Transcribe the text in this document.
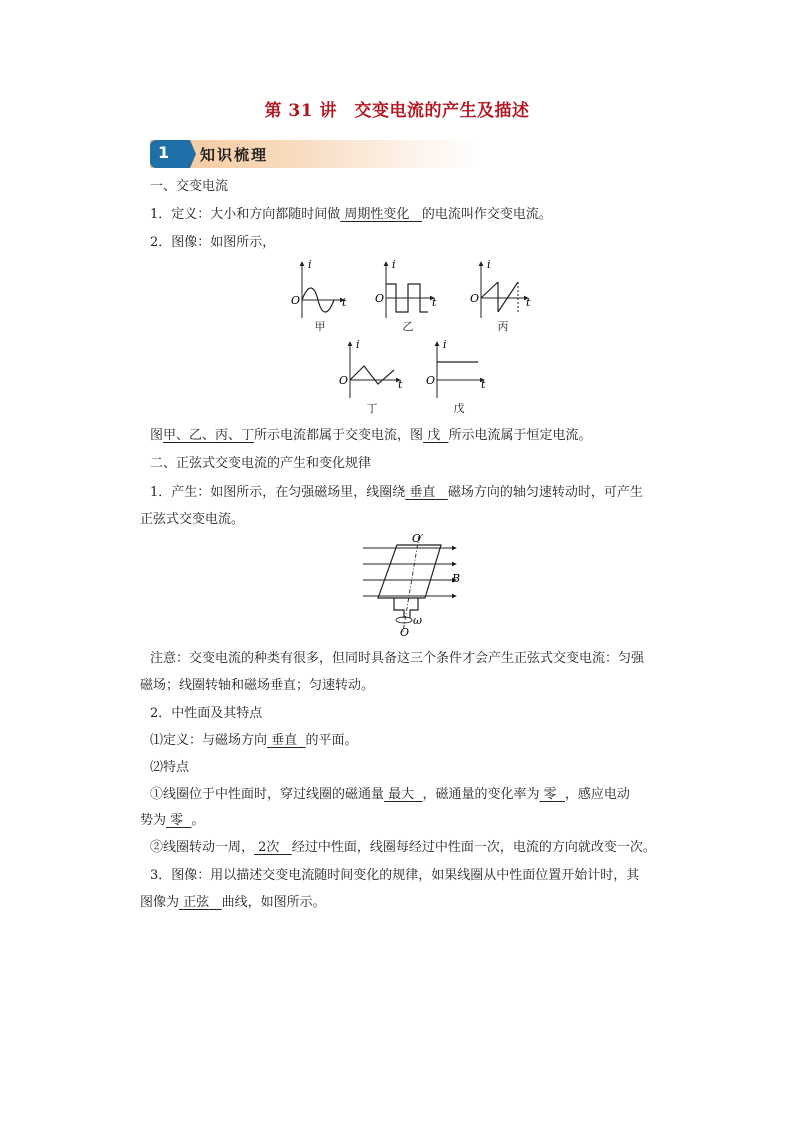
第 31 讲　交变电流的产生及描述
1 知识梳理
一、交变电流
1．定义：大小和方向都随时间做 周期性变化 的电流叫作交变电流。
2．图像：如图所示，
i
t
O
i
t
O
i
t
O
i
t
O
i
t
O
O′
O
B
ω
甲	乙	丙
丁	戊
图甲、乙、丙、丁所示电流都属于交变电流，图 戊 所示电流属于恒定电流。
二、正弦式交变电流的产生和变化规律
1．产生：如图所示，在匀强磁场里，线圈绕 垂直 磁场方向的轴匀速转动时，可产生
正弦式交变电流。
注意：交变电流的种类有很多，但同时具备这三个条件才会产生正弦式交变电流：匀强
磁场；线圈转轴和磁场垂直；匀速转动。
2．中性面及其特点
⑴定义：与磁场方向 垂直 的平面。
⑵特点
①线圈位于中性面时，穿过线圈的磁通量 最大 ，磁通量的变化率为 零 ，感应电动
势为 零 。
②线圈转动一周， 2次 经过中性面，线圈每经过中性面一次，电流的方向就改变一次。
3．图像：用以描述交变电流随时间变化的规律，如果线圈从中性面位置开始计时，其
图像为 正弦 曲线，如图所示。
